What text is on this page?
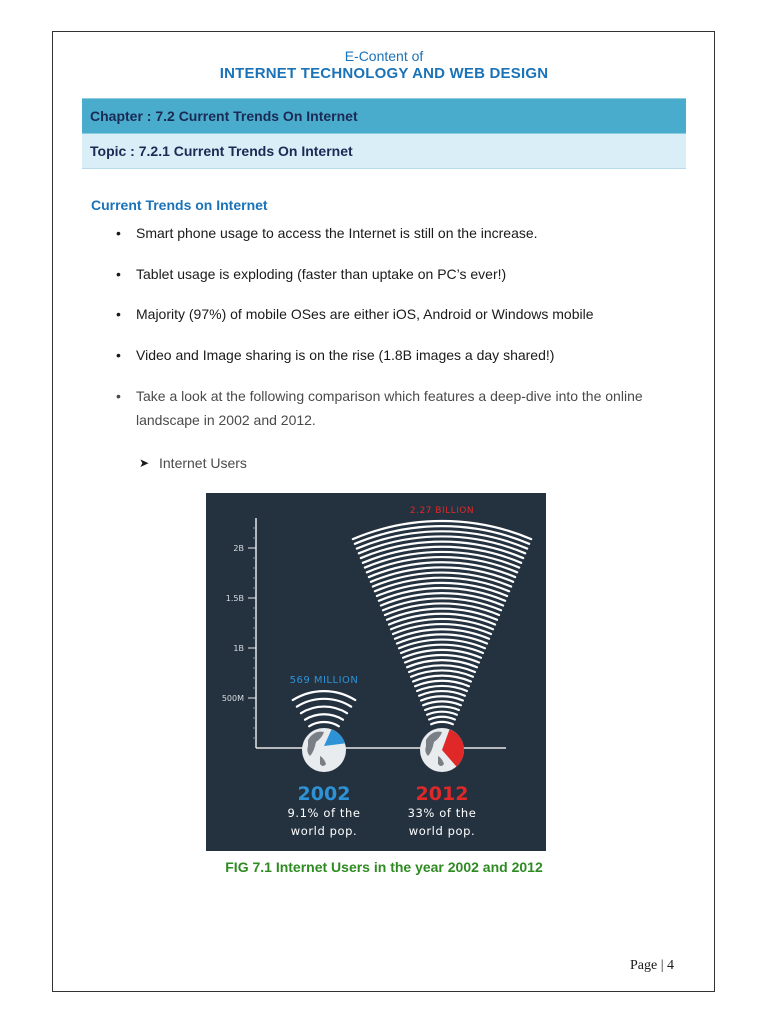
E-Content of
INTERNET TECHNOLOGY AND WEB DESIGN
Chapter : 7.2 Current Trends On Internet
Topic : 7.2.1 Current Trends On Internet
Current Trends on Internet
• Smart phone usage to access the Internet is still on the increase.
• Tablet usage is exploding (faster than uptake on PC’s ever!)
• Majority (97%) of mobile OSes are either iOS, Android or Windows mobile
• Video and Image sharing is on the rise (1.8B images a day shared!)
• Take a look at the following comparison which features a deep-dive into the online landscape in 2002 and 2012.
➤ Internet Users
500M
1B
1.5B
2B
569 MILLION
2002
9.1% of the
world pop.
2.27 BILLION
2012
33% of the
world pop.
FIG 7.1 Internet Users in the year 2002 and 2012
Page | 4
